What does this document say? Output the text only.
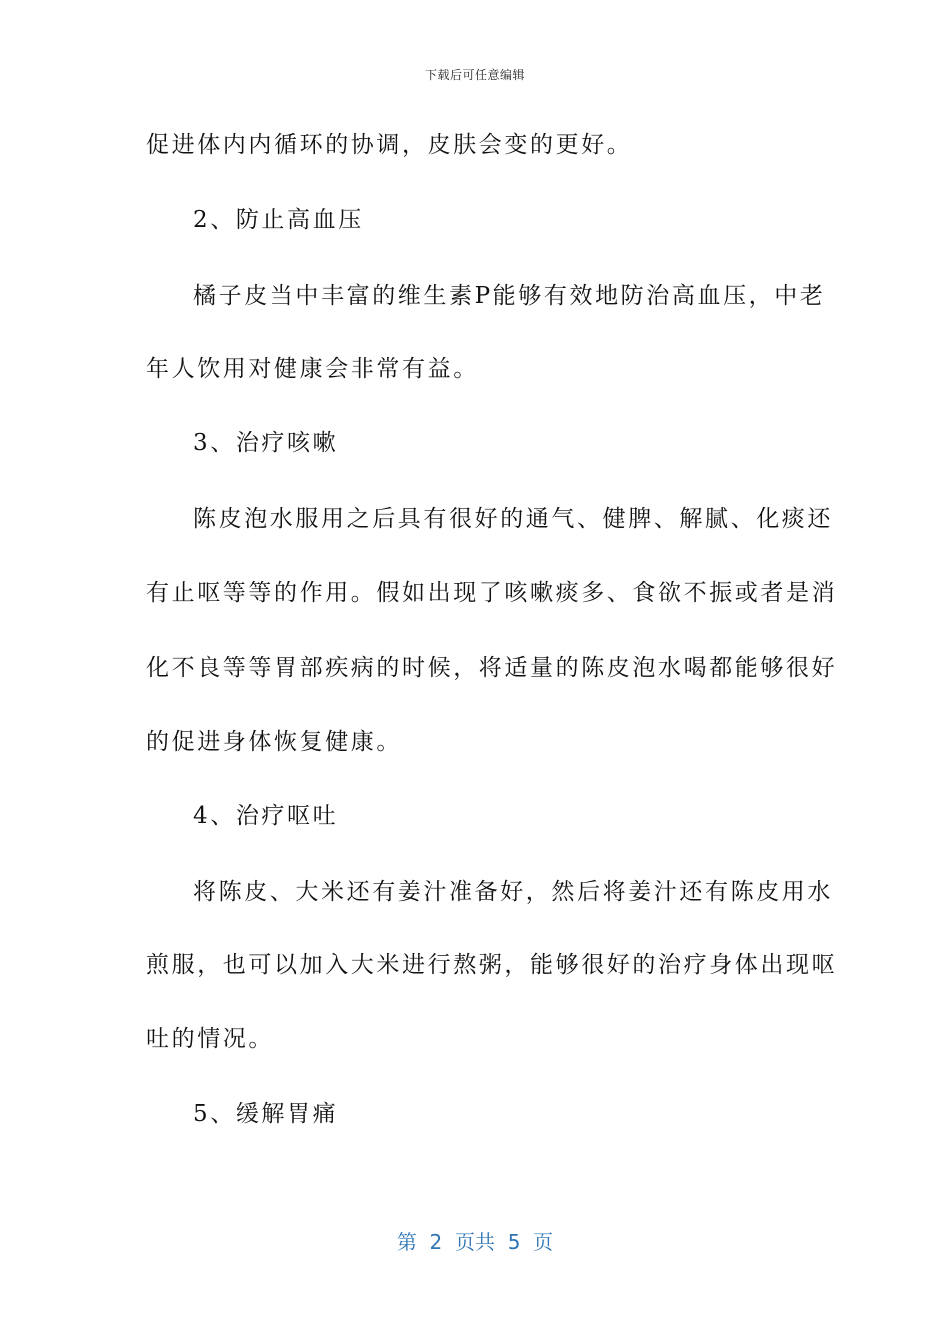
下载后可任意编辑
促进体内内循环的协调，皮肤会变的更好。
2、防止高血压
橘子皮当中丰富的维生素P能够有效地防治高血压，中老
年人饮用对健康会非常有益。
3、治疗咳嗽
陈皮泡水服用之后具有很好的通气、健脾、解腻、化痰还
有止呕等等的作用。假如出现了咳嗽痰多、食欲不振或者是消
化不良等等胃部疾病的时候，将适量的陈皮泡水喝都能够很好
的促进身体恢复健康。
4、治疗呕吐
将陈皮、大米还有姜汁准备好，然后将姜汁还有陈皮用水
煎服，也可以加入大米进行熬粥，能够很好的治疗身体出现呕
吐的情况。
5、缓解胃痛
第  2  页共  5  页
